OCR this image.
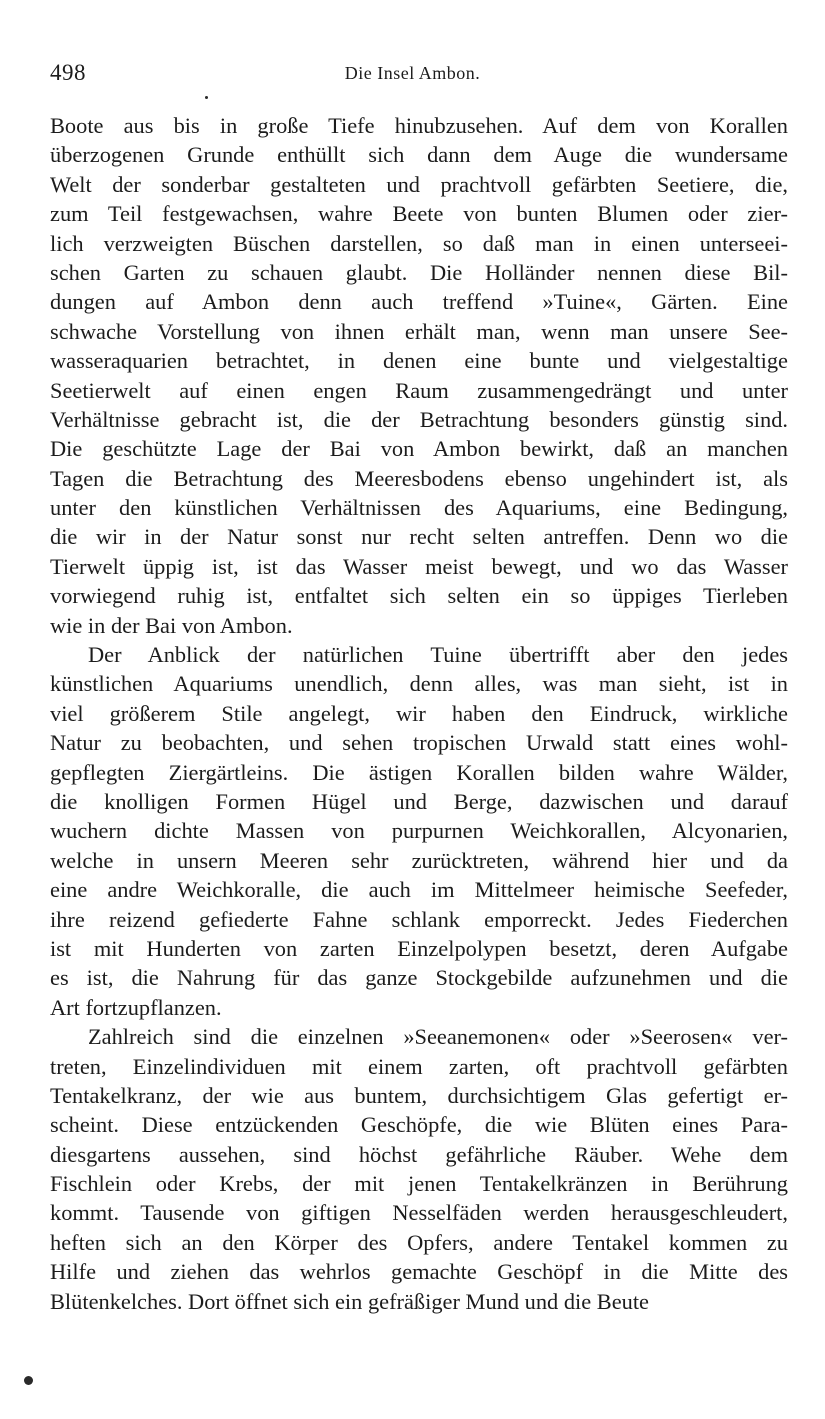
498	Die Insel Ambon.
Boote aus bis in große Tiefe hinubzusehen. Auf dem von Korallen
überzogenen Grunde enthüllt sich dann dem Auge die wundersame
Welt der sonderbar gestalteten und prachtvoll gefärbten Seetiere, die,
zum Teil festgewachsen, wahre Beete von bunten Blumen oder zier-
lich verzweigten Büschen darstellen, so daß man in einen unterseei-
schen Garten zu schauen glaubt. Die Holländer nennen diese Bil-
dungen auf Ambon denn auch treffend »Tuine«, Gärten. Eine
schwache Vorstellung von ihnen erhält man, wenn man unsere See-
wasseraquarien betrachtet, in denen eine bunte und vielgestaltige
Seetierwelt auf einen engen Raum zusammengedrängt und unter
Verhältnisse gebracht ist, die der Betrachtung besonders günstig sind.
Die geschützte Lage der Bai von Ambon bewirkt, daß an manchen
Tagen die Betrachtung des Meeresbodens ebenso ungehindert ist, als
unter den künstlichen Verhältnissen des Aquariums, eine Bedingung,
die wir in der Natur sonst nur recht selten antreffen. Denn wo die
Tierwelt üppig ist, ist das Wasser meist bewegt, und wo das Wasser
vorwiegend ruhig ist, entfaltet sich selten ein so üppiges Tierleben
wie in der Bai von Ambon.
Der Anblick der natürlichen Tuine übertrifft aber den jedes
künstlichen Aquariums unendlich, denn alles, was man sieht, ist in
viel größerem Stile angelegt, wir haben den Eindruck, wirkliche
Natur zu beobachten, und sehen tropischen Urwald statt eines wohl-
gepflegten Ziergärtleins. Die ästigen Korallen bilden wahre Wälder,
die knolligen Formen Hügel und Berge, dazwischen und darauf
wuchern dichte Massen von purpurnen Weichkorallen, Alcyonarien,
welche in unsern Meeren sehr zurücktreten, während hier und da
eine andre Weichkoralle, die auch im Mittelmeer heimische Seefeder,
ihre reizend gefiederte Fahne schlank emporreckt. Jedes Fiederchen
ist mit Hunderten von zarten Einzelpolypen besetzt, deren Aufgabe
es ist, die Nahrung für das ganze Stockgebilde aufzunehmen und die
Art fortzupflanzen.
Zahlreich sind die einzelnen »Seeanemonen« oder »Seerosen« ver-
treten, Einzelindividuen mit einem zarten, oft prachtvoll gefärbten
Tentakelkranz, der wie aus buntem, durchsichtigem Glas gefertigt er-
scheint. Diese entzückenden Geschöpfe, die wie Blüten eines Para-
diesgartens aussehen, sind höchst gefährliche Räuber. Wehe dem
Fischlein oder Krebs, der mit jenen Tentakelkränzen in Berührung
kommt. Tausende von giftigen Nesselfäden werden herausgeschleudert,
heften sich an den Körper des Opfers, andere Tentakel kommen zu
Hilfe und ziehen das wehrlos gemachte Geschöpf in die Mitte des
Blütenkelches. Dort öffnet sich ein gefräßiger Mund und die Beute
